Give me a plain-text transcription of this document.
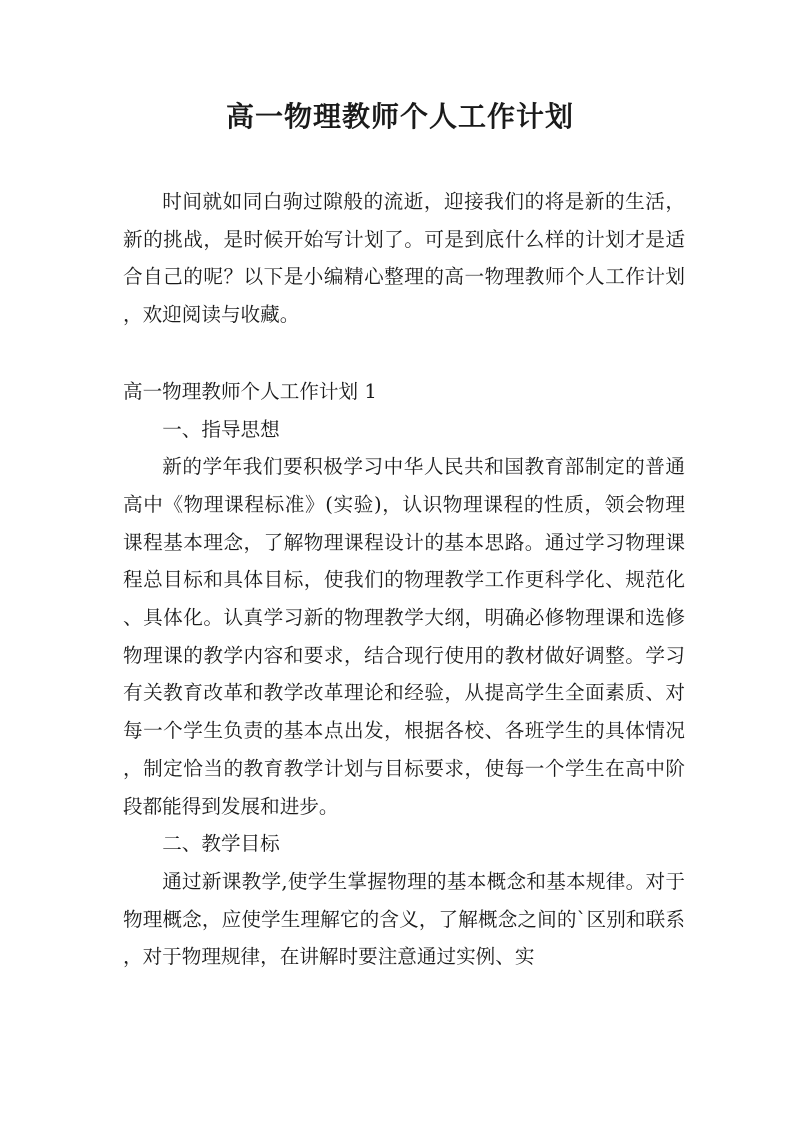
高一物理教师个人工作计划

时间就如同白驹过隙般的流逝，迎接我们的将是新的生活，新的挑战，是时候开始写计划了。可是到底什么样的计划才是适合自己的呢？以下是小编精心整理的高一物理教师个人工作计划，欢迎阅读与收藏。

高一物理教师个人工作计划 1

一、指导思想

新的学年我们要积极学习中华人民共和国教育部制定的普通高中《物理课程标准》(实验)，认识物理课程的性质，领会物理课程基本理念，了解物理课程设计的基本思路。通过学习物理课程总目标和具体目标，使我们的物理教学工作更科学化、规范化、具体化。认真学习新的物理教学大纲，明确必修物理课和选修物理课的教学内容和要求，结合现行使用的教材做好调整。学习有关教育改革和教学改革理论和经验，从提高学生全面素质、对每一个学生负责的基本点出发，根据各校、各班学生的具体情况，制定恰当的教育教学计划与目标要求，使每一个学生在高中阶段都能得到发展和进步。

二、教学目标

通过新课教学,使学生掌握物理的基本概念和基本规律。对于物理概念，应使学生理解它的含义，了解概念之间的`区别和联系，对于物理规律，在讲解时要注意通过实例、实
